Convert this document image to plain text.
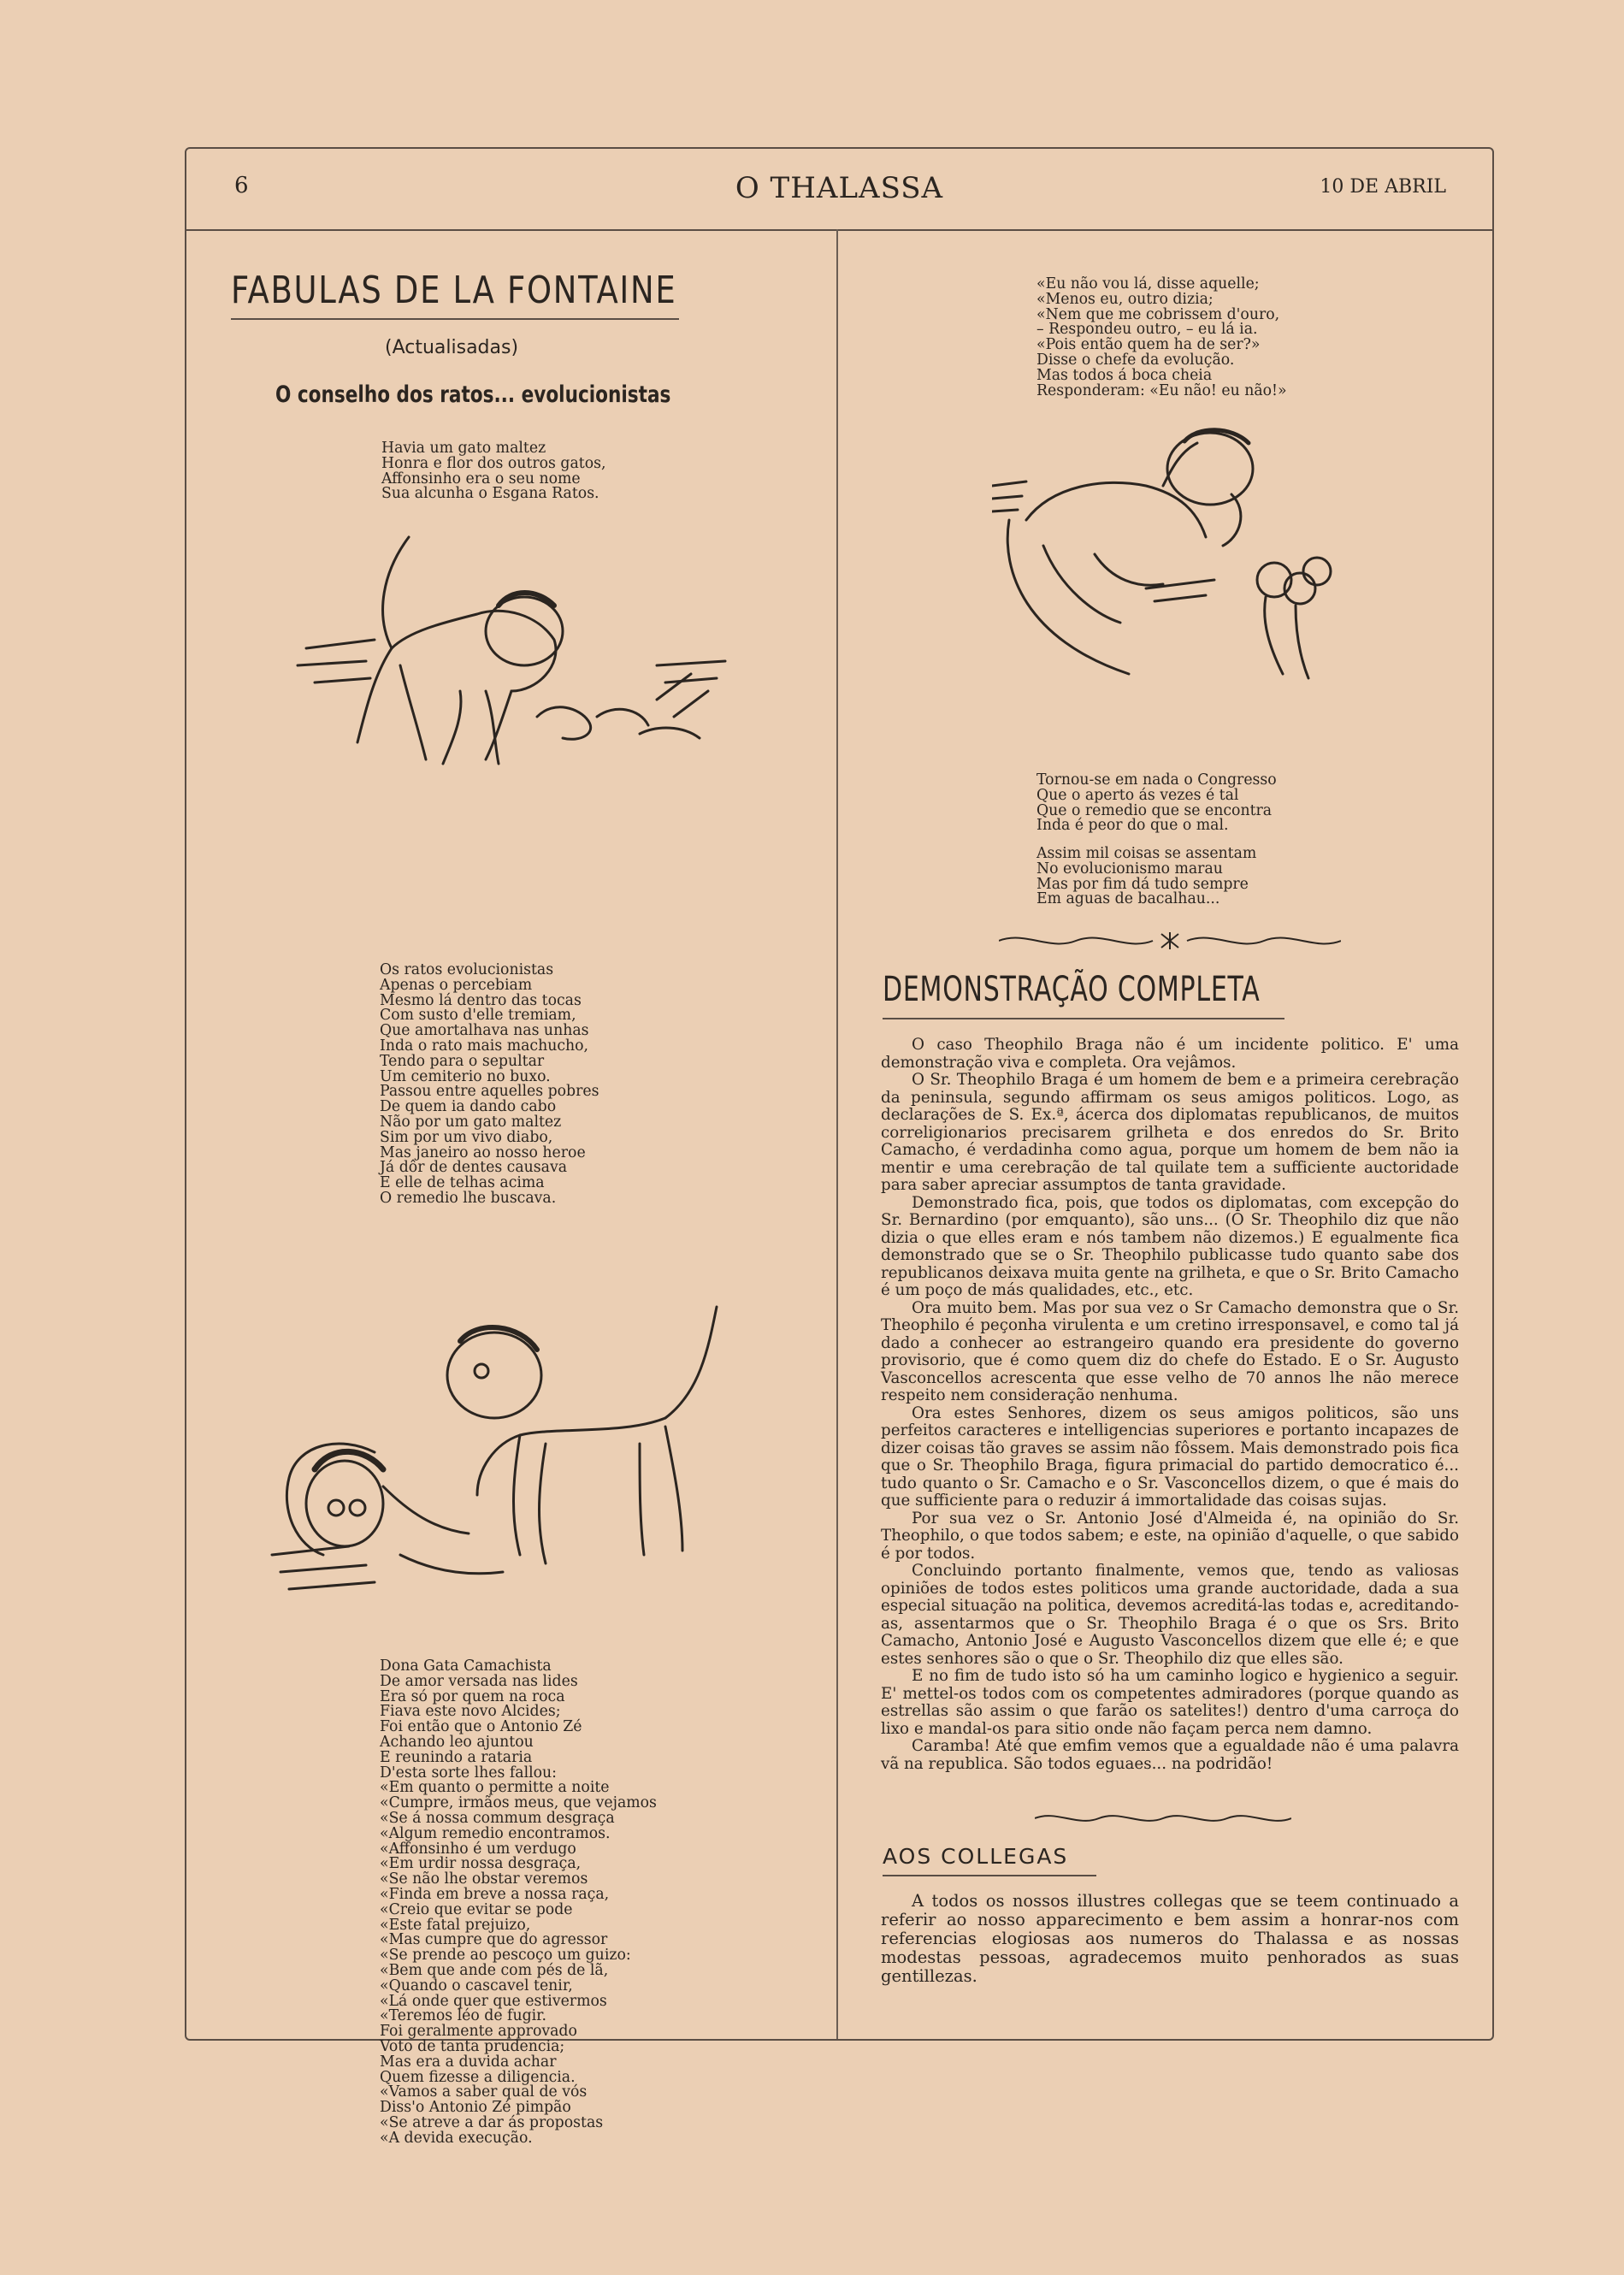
6	O THALASSA	10 DE ABRIL
FABULAS DE LA FONTAINE
(Actualisadas)
O conselho dos ratos... evolucionistas
Havia um gato maltez
Honra e flor dos outros gatos,
Affonsinho era o seu nome
Sua alcunha o Esgana Ratos.
Os ratos evolucionistas
Apenas o percebiam
Mesmo lá dentro das tocas
Com susto d'elle tremiam,
Que amortalhava nas unhas
Inda o rato mais machucho,
Tendo para o sepultar
Um cemiterio no buxo.
Passou entre aquelles pobres
De quem ia dando cabo
Não por um gato maltez
Sim por um vivo diabo,
Mas janeiro ao nosso heroe
Já dôr de dentes causava
E elle de telhas acima
O remedio lhe buscava.
Dona Gata Camachista
De amor versada nas lides
Era só por quem na roca
Fiava este novo Alcides;
Foi então que o Antonio Zé
Achando leo ajuntou
E reunindo a rataria
D'esta sorte lhes fallou:
«Em quanto o permitte a noite
«Cumpre, irmãos meus, que vejamos
«Se á nossa commum desgraça
«Algum remedio encontramos.
«Affonsinho é um verdugo
«Em urdir nossa desgraça,
«Se não lhe obstar veremos
«Finda em breve a nossa raça,
«Creio que evitar se pode
«Este fatal prejuizo,
«Mas cumpre que do agressor
«Se prende ao pescoço um guizo:
«Bem que ande com pés de lã,
«Quando o cascavel tenir,
«Lá onde quer que estivermos
«Teremos léo de fugir.
Foi geralmente approvado
Voto de tanta prudencia;
Mas era a duvida achar
Quem fizesse a diligencia.
«Vamos a saber qual de vós
Diss'o Antonio Zé pimpão
«Se atreve a dar ás propostas
«A devida execução.
«Eu não vou lá, disse aquelle;
«Menos eu, outro dizia;
«Nem que me cobrissem d'ouro,
– Respondeu outro, – eu lá ia.
«Pois então quem ha de ser?»
Disse o chefe da evolução.
Mas todos á boca cheia
Responderam: «Eu não! eu não!»
Tornou-se em nada o Congresso
Que o aperto ás vezes é tal
Que o remedio que se encontra
Inda é peor do que o mal.
Assim mil coisas se assentam
No evolucionismo marau
Mas por fim dá tudo sempre
Em aguas de bacalhau...
DEMONSTRAÇÃO COMPLETA

O caso Theophilo Braga não é um incidente politico. E' uma demonstração viva e completa. Ora vejâmos.

O Sr. Theophilo Braga é um homem de bem e a primeira cerebração da peninsula, segundo affirmam os seus amigos politicos. Logo, as declarações de S. Ex.ª, ácerca dos diplomatas republicanos, de muitos correligionarios precisarem grilheta e dos enredos do Sr. Brito Camacho, é verdadinha como agua, porque um homem de bem não ia mentir e uma cerebração de tal quilate tem a sufficiente auctoridade para saber apreciar assumptos de tanta gravidade.

Demonstrado fica, pois, que todos os diplomatas, com excepção do Sr. Bernardino (por emquanto), são uns... (O Sr. Theophilo diz que não dizia o que elles eram e nós tambem não dizemos.) E egualmente fica demonstrado que se o Sr. Theophilo publicasse tudo quanto sabe dos republicanos deixava muita gente na grilheta, e que o Sr. Brito Camacho é um poço de más qualidades, etc., etc.

Ora muito bem. Mas por sua vez o Sr Camacho demonstra que o Sr. Theophilo é peçonha virulenta e um cretino irresponsavel, e como tal já dado a conhecer ao estrangeiro quando era presidente do governo provisorio, que é como quem diz do chefe do Estado. E o Sr. Augusto Vasconcellos acrescenta que esse velho de 70 annos lhe não merece respeito nem consideração nenhuma.

Ora estes Senhores, dizem os seus amigos politicos, são uns perfeitos caracteres e intelligencias superiores e portanto incapazes de dizer coisas tão graves se assim não fôssem. Mais demonstrado pois fica que o Sr. Theophilo Braga, figura primacial do partido democratico é... tudo quanto o Sr. Camacho e o Sr. Vasconcellos dizem, o que é mais do que sufficiente para o reduzir á immortalidade das coisas sujas.

Por sua vez o Sr. Antonio José d'Almeida é, na opinião do Sr. Theophilo, o que todos sabem; e este, na opinião d'aquelle, o que sabido é por todos.

Concluindo portanto finalmente, vemos que, tendo as valiosas opiniões de todos estes politicos uma grande auctoridade, dada a sua especial situação na politica, devemos acreditá-las todas e, acreditando-as, assentarmos que o Sr. Theophilo Braga é o que os Srs. Brito Camacho, Antonio José e Augusto Vasconcellos dizem que elle é; e que estes senhores são o que o Sr. Theophilo diz que elles são.

E no fim de tudo isto só ha um caminho logico e hygienico a seguir. E' mettel-os todos com os competentes admiradores (porque quando as estrellas são assim o que farão os satelites!) dentro d'uma carroça do lixo e mandal-os para sitio onde não façam perca nem damno.

Caramba! Até que emfim vemos que a egualdade não é uma palavra vã na republica. São todos eguaes... na podridão!

AOS COLLEGAS

A todos os nossos illustres collegas que se teem continuado a referir ao nosso apparecimento e bem assim a honrar-nos com referencias elogiosas aos numeros do Thalassa e as nossas modestas pessoas, agradecemos muito penhorados as suas gentillezas.
